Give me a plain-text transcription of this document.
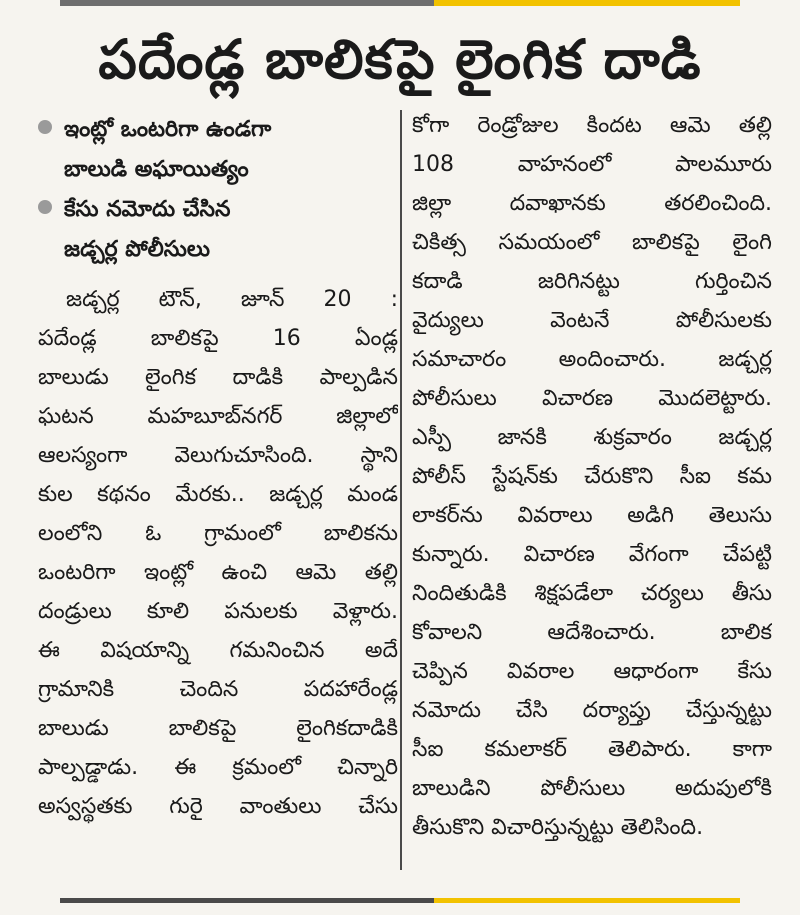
పదేండ్ల బాలికపై లైంగిక దాడి
ఇంట్లో ఒంటరిగా ఉండగా
బాలుడి అఘాయిత్యం
కేసు నమోదు చేసిన
జడ్చర్ల పోలీసులు
జడ్చర్ల టౌన్, జూన్ 20 :
పదేండ్ల బాలికపై 16 ఏండ్ల
బాలుడు లైంగిక దాడికి పాల్పడిన
ఘటన మహబూబ్‌నగర్ జిల్లాలో
ఆలస్యంగా వెలుగుచూసింది. స్థాని
కుల కథనం మేరకు.. జడ్చర్ల మండ
లంలోని ఓ గ్రామంలో బాలికను
ఒంటరిగా ఇంట్లో ఉంచి ఆమె తల్లి
దండ్రులు కూలి పనులకు వెళ్లారు.
ఈ విషయాన్ని గమనించిన అదే
గ్రామానికి చెందిన పదహారేండ్ల
బాలుడు బాలికపై లైంగికదాడికి
పాల్పడ్డాడు. ఈ క్రమంలో చిన్నారి
అస్వస్థతకు గురై వాంతులు చేసు
కోగా రెండ్రోజుల కిందట ఆమె తల్లి
108 వాహనంలో పాలమూరు
జిల్లా దవాఖానకు తరలించింది.
చికిత్స సమయంలో బాలికపై లైంగి
కదాడి జరిగినట్టు గుర్తించిన
వైద్యులు వెంటనే పోలీసులకు
సమాచారం అందించారు. జడ్చర్ల
పోలీసులు విచారణ మొదలెట్టారు.
ఎస్పీ జానకి శుక్రవారం జడ్చర్ల
పోలీస్ స్టేషన్‌కు చేరుకొని సీఐ కమ
లాకర్‌ను వివరాలు అడిగి తెలుసు
కున్నారు. విచారణ వేగంగా చేపట్టి
నిందితుడికి శిక్షపడేలా చర్యలు తీసు
కోవాలని ఆదేశించారు. బాలిక
చెప్పిన వివరాల ఆధారంగా కేసు
నమోదు చేసి దర్యాప్తు చేస్తున్నట్టు
సీఐ కమలాకర్ తెలిపారు. కాగా
బాలుడిని పోలీసులు అదుపులోకి
తీసుకొని విచారిస్తున్నట్టు తెలిసింది.
